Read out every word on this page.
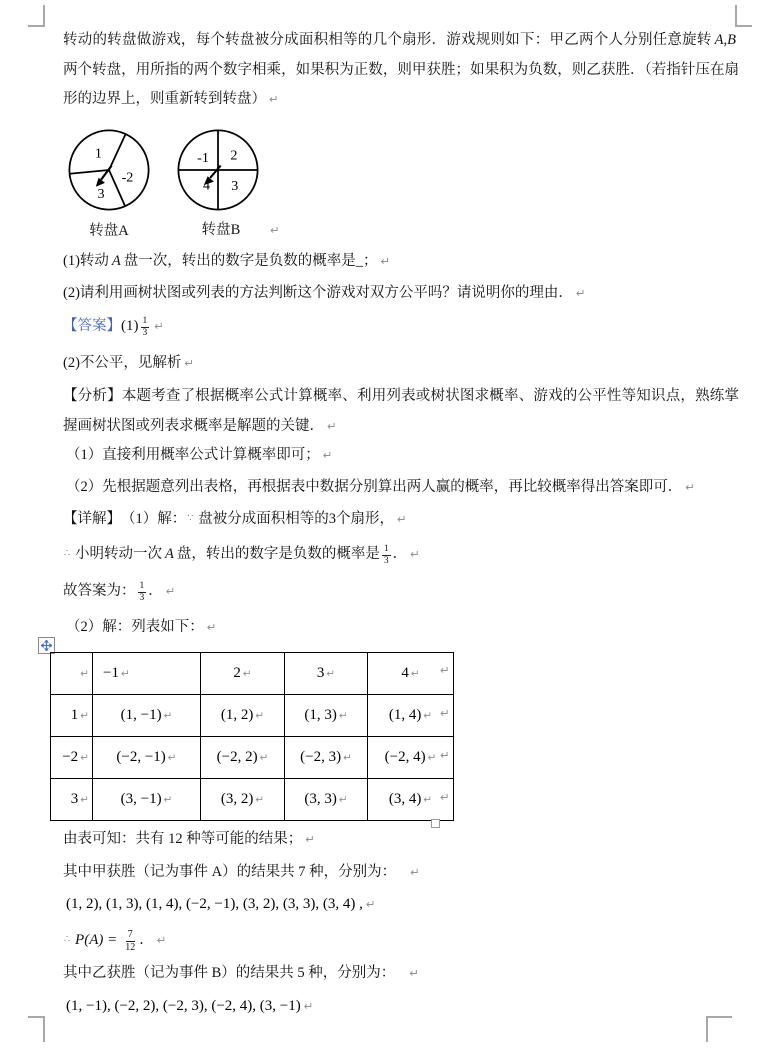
转动的转盘做游戏，每个转盘被分成面积相等的几个扇形．游戏规则如下：甲乙两个人分别任意旋转 A,B两个转盘，用所指的两个数字相乘，如果积为正数，则甲获胜；如果积为负数，则乙获胜．（若指针压在扇形的边界上，则重新转到转盘） ↵
1
-2
3
-1 2
4 3
转盘A	转盘B	↵
(1)转动 A 盘一次，转出的数字是负数的概率是_； ↵
(2)请利用画树状图或列表的方法判断这个游戏对双方公平吗？请说明你的理由． ↵
【答案】 $(1) \frac{1}{3}$ ↵
(2)不公平，见解析 ↵
【分析】本题考查了根据概率公式计算概率、利用列表或树状图求概率、游戏的公平性等知识点，熟练掌握画树状图或列表求概率是解题的关键． ↵
（1）直接利用概率公式计算概率即可； ↵
（2）先根据题意列出表格，再根据表中数据分别算出两人赢的概率，再比较概率得出答案即可． ↵
【详解】 （1）解： ∵ 盘被分成面积相等的3个扇形， ↵
∴ 小明转动一次 A 盘，转出的数字是负数的概率是 $\frac{1}{3}$ ． ↵
故答案为： $\frac{1}{3}$ ． ↵
（2）解：列表如下： ↵
↵	−1 ↵	2 ↵	3 ↵	4 ↵
1 ↵	(1, −1) ↵	(1, 2) ↵	(1, 3) ↵	(1, 4) ↵
−2 ↵	(−2, −1) ↵	(−2, 2) ↵	(−2, 3) ↵	(−2, 4) ↵
3 ↵	(3, −1) ↵	(3, 2) ↵	(3, 3) ↵	(3, 4) ↵
↵
↵
↵
↵
由表可知：共有 12 种等可能的结果； ↵
其中甲获胜（记为事件 A）的结果共 7 种，分别为： ↵
(1, 2), (1, 3), (1, 4), (−2, −1), (3, 2), (3, 3), (3, 4) , ↵
∴ $P(A) = \frac{7}{12}$ ． ↵
其中乙获胜（记为事件 B）的结果共 5 种，分别为： ↵
(1, −1), (−2, 2), (−2, 3), (−2, 4), (3, −1) ↵
